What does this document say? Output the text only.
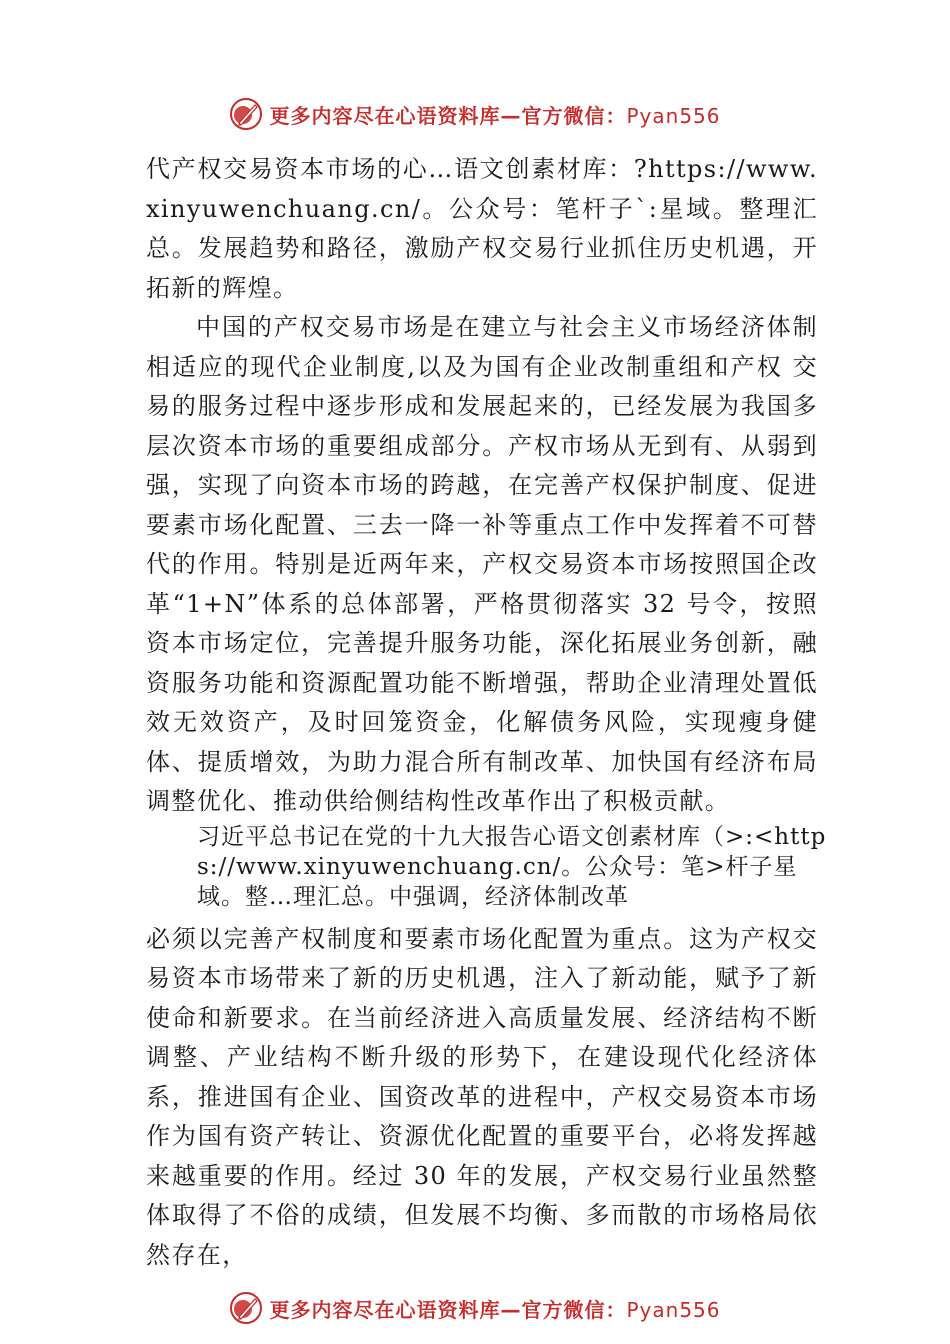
更多内容尽在心语资料库—官方微信：Pyan556

代产权交易资本市场的心…语文创素材库：?https://www.xinyuwenchuang.cn/。公众号：笔杆子`:星域。整理汇总。发展趋势和路径，激励产权交易行业抓住历史机遇，开拓新的辉煌。

中国的产权交易市场是在建立与社会主义市场经济体制相适应的现代企业制度,以及为国有企业改制重组和产权 交易的服务过程中逐步形成和发展起来的，已经发展为我国多层次资本市场的重要组成部分。产权市场从无到有、从弱到强，实现了向资本市场的跨越，在完善产权保护制度、促进要素市场化配置、三去一降一补等重点工作中发挥着不可替代的作用。特别是近两年来，产权交易资本市场按照国企改革“1+N”体系的总体部署，严格贯彻落实 32 号令，按照资本市场定位，完善提升服务功能，深化拓展业务创新，融资服务功能和资源配置功能不断增强，帮助企业清理处置低效无效资产，及时回笼资金，化解债务风险，实现瘦身健体、提质增效，为助力混合所有制改革、加快国有经济布局调整优化、推动供给侧结构性改革作出了积极贡献。

习近平总书记在党的十九大报告心语文创素材库（>:<https://www.xinyuwenchuang.cn/。公众号：笔>杆子星域。整…理汇总。中强调，经济体制改革

必须以完善产权制度和要素市场化配置为重点。这为产权交易资本市场带来了新的历史机遇，注入了新动能，赋予了新使命和新要求。在当前经济进入高质量发展、经济结构不断调整、产业结构不断升级的形势下，在建设现代化经济体系，推进国有企业、国资改革的进程中，产权交易资本市场作为国有资产转让、资源优化配置的重要平台，必将发挥越来越重要的作用。经过 30 年的发展，产权交易行业虽然整体取得了不俗的成绩，但发展不均衡、多而散的市场格局依然存在，

更多内容尽在心语资料库—官方微信：Pyan556
